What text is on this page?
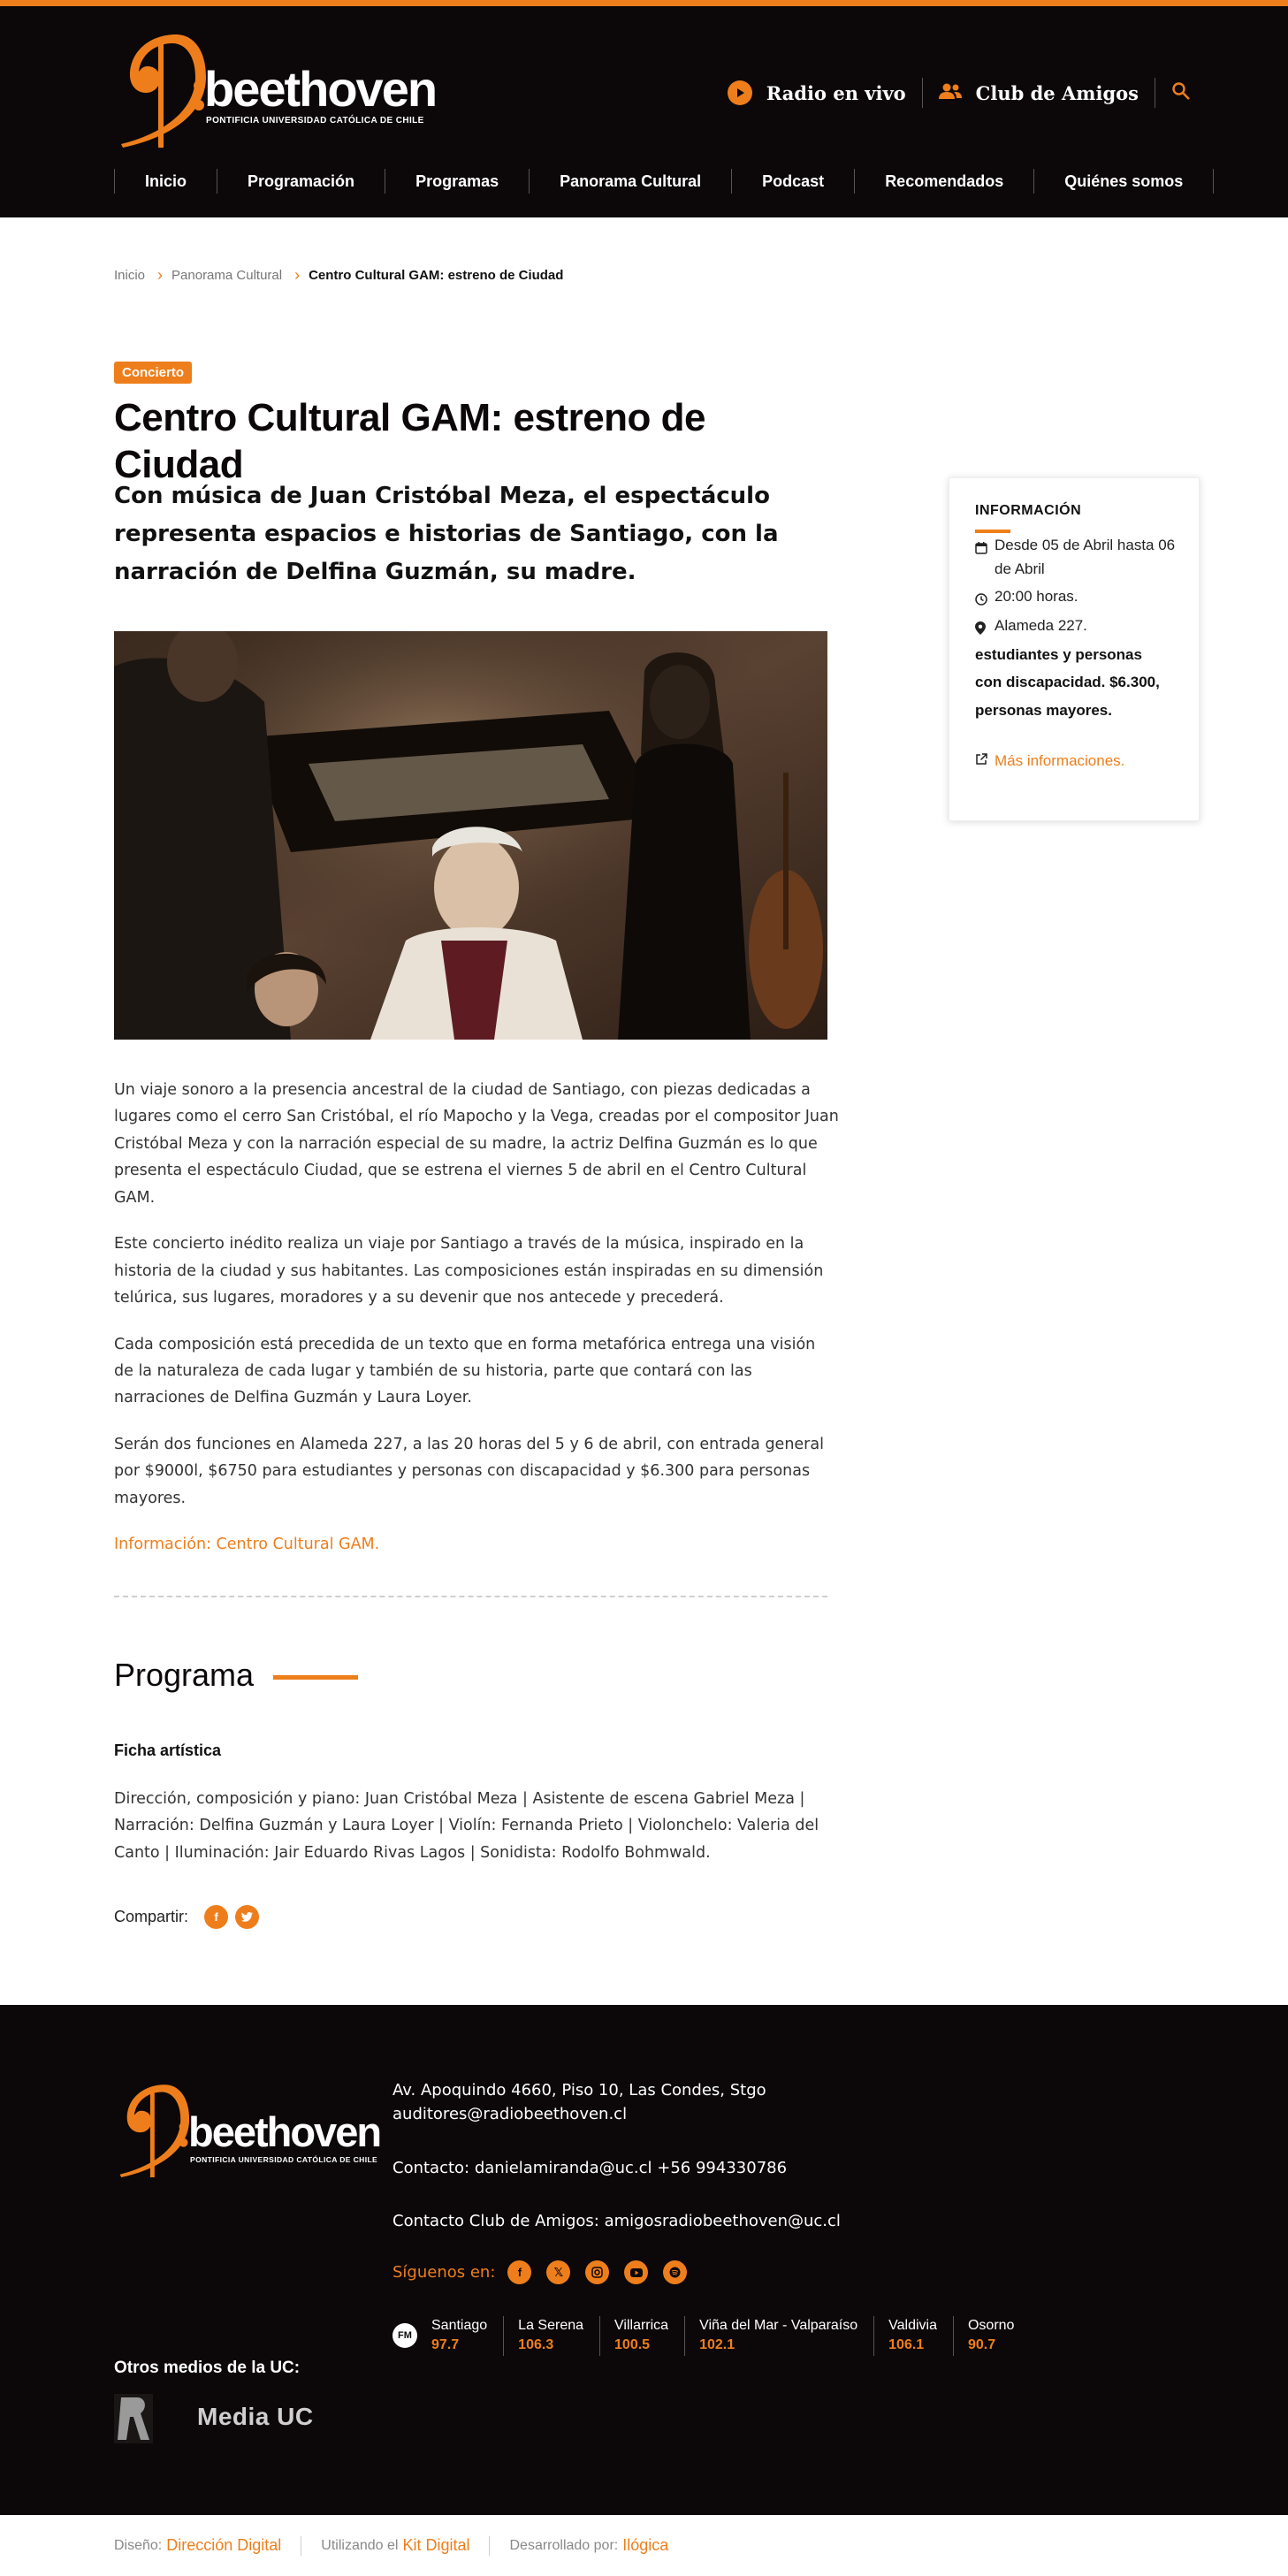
beethoven
PONTIFICIA UNIVERSIDAD CATÓLICA DE CHILE
Radio en vivo	Club de Amigos
Inicio	Programación	Programas	Panorama Cultural	Podcast	Recomendados	Quiénes somos
Inicio › Panorama Cultural › Centro Cultural GAM: estreno de Ciudad
Concierto
Centro Cultural GAM: estreno de Ciudad

Con música de Juan Cristóbal Meza, el espectáculo representa espacios e historias de Santiago, con la narración de Delfina Guzmán, su madre.

Un viaje sonoro a la presencia ancestral de la ciudad de Santiago, con piezas dedicadas a lugares como el cerro San Cristóbal, el río Mapocho y la Vega, creadas por el compositor Juan Cristóbal Meza y con la narración especial de su madre, la actriz Delfina Guzmán es lo que presenta el espectáculo Ciudad, que se estrena el viernes 5 de abril en el Centro Cultural GAM.

Este concierto inédito realiza un viaje por Santiago a través de la música, inspirado en la historia de la ciudad y sus habitantes. Las composiciones están inspiradas en su dimensión telúrica, sus lugares, moradores y a su devenir que nos antecede y precederá.

Cada composición está precedida de un texto que en forma metafórica entrega una visión de la naturaleza de cada lugar y también de su historia, parte que contará con las narraciones de Delfina Guzmán y Laura Loyer.

Serán dos funciones en Alameda 227, a las 20 horas del 5 y 6 de abril, con entrada general por $9000l, $6750 para estudiantes y personas con discapacidad y $6.300 para personas mayores.

Información: Centro Cultural GAM.

Programa
Ficha artística

Dirección, composición y piano: Juan Cristóbal Meza | Asistente de escena Gabriel Meza | Narración: Delfina Guzmán y Laura Loyer | Violín: Fernanda Prieto | Violonchelo: Valeria del Canto | Iluminación: Jair Eduardo Rivas Lagos | Sonidista: Rodolfo Bohmwald.

Compartir:	f
INFORMACIÓN
Desde 05 de Abril hasta 06 de Abril
20:00 horas.
Alameda 227.
estudiantes y personas con discapacidad. $6.300, personas mayores.
Más informaciones.
beethoven
PONTIFICIA UNIVERSIDAD CATÓLICA DE CHILE
Av. Apoquindo 4660, Piso 10, Las Condes, Stgo
auditores@radiobeethoven.cl
Contacto: danielamiranda@uc.cl +56 994330786
Contacto Club de Amigos: amigosradiobeethoven@uc.cl
Síguenos en:	f	𝕏
FM
Santiago
97.7
La Serena
106.3
Villarrica
100.5
Viña del Mar - Valparaíso
102.1
Valdivia
106.1
Osorno
90.7
Otros medios de la UC:
Media UC
Diseño: Dirección Digital	Utilizando el Kit Digital	Desarrollado por: Ilógica
